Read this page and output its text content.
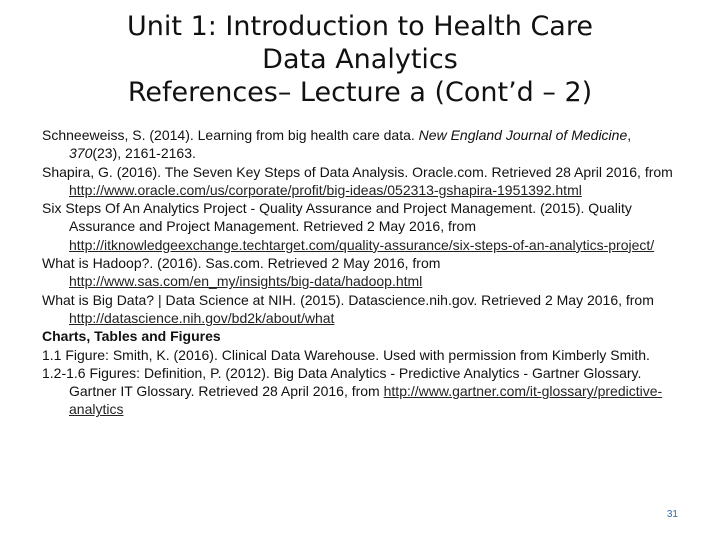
Unit 1: Introduction to Health Care
Data Analytics
References– Lecture a (Cont’d – 2)
Schneeweiss, S. (2014). Learning from big health care data. New England Journal of Medicine, 370(23), 2161-2163.
Shapira, G. (2016). The Seven Key Steps of Data Analysis. Oracle.com. Retrieved 28 April 2016, from http://www.oracle.com/us/corporate/profit/big-ideas/052313-gshapira-1951392.html
Six Steps Of An Analytics Project - Quality Assurance and Project Management. (2015). Quality Assurance and Project Management. Retrieved 2 May 2016, from http://itknowledgeexchange.techtarget.com/quality-assurance/six-steps-of-an-analytics-project/
What is Hadoop?. (2016). Sas.com. Retrieved 2 May 2016, from http://www.sas.com/en_my/insights/big-data/hadoop.html
What is Big Data? | Data Science at NIH. (2015). Datascience.nih.gov. Retrieved 2 May 2016, from http://datascience.nih.gov/bd2k/about/what
Charts, Tables and Figures
1.1 Figure: Smith, K. (2016). Clinical Data Warehouse. Used with permission from Kimberly Smith.
1.2-1.6 Figures: Definition, P. (2012). Big Data Analytics - Predictive Analytics - Gartner Glossary. Gartner IT Glossary. Retrieved 28 April 2016, from http://www.gartner.com/it-glossary/predictive-analytics
31
